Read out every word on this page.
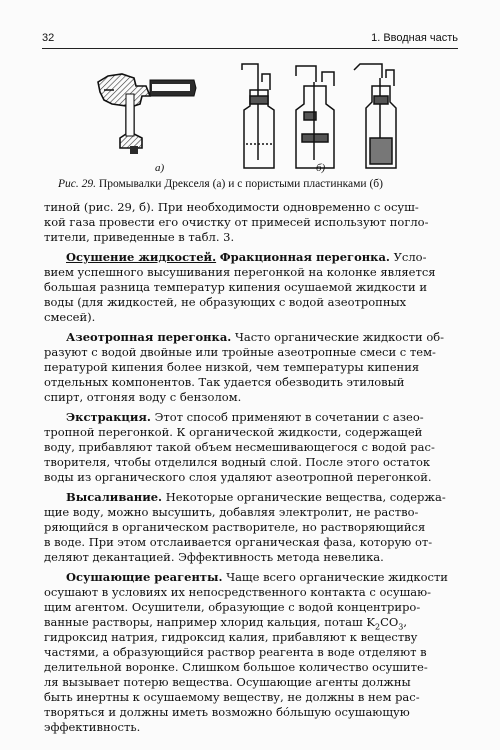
32	1. Вводная часть
а)	б)
Рис. 29. Промывалки Дрекселя (а) и с пористыми пластинками (б)
тиной (рис. 29, б). При необходимости одновременно с осуш-
кой газа провести его очистку от примесей используют погло-
тители, приведенные в табл. 3.
Осушение жидкостей. Фракционная перегонка. Усло-
вием успешного высушивания перегонкой на колонке является
большая разница температур кипения осушаемой жидкости и
воды (для жидкостей, не образующих с водой азеотропных
смесей).
Азеотропная перегонка. Часто органические жидкости об-
разуют с водой двойные или тройные азеотропные смеси с тем-
пературой кипения более низкой, чем температуры кипения
отдельных компонентов. Так удается обезводить этиловый
спирт, отгоняя воду с бензолом.
Экстракция. Этот способ применяют в сочетании с азео-
тропной перегонкой. К органической жидкости, содержащей
воду, прибавляют такой объем несмешивающегося с водой рас-
творителя, чтобы отделился водный слой. После этого остаток
воды из органического слоя удаляют азеотропной перегонкой.
Высаливание. Некоторые органические вещества, содержа-
щие воду, можно высушить, добавляя электролит, не раство-
ряющийся в органическом растворителе, но растворяющийся
в воде. При этом отслаивается органическая фаза, которую от-
деляют декантацией. Эффективность метода невелика.
Осушающие реагенты. Чаще всего органические жидкости
осушают в условиях их непосредственного контакта с осушаю-
щим агентом. Осушители, образующие с водой концентриро-
ванные растворы, например хлорид кальция, поташ $K_2CO_3$,
гидроксид натрия, гидроксид калия, прибавляют к веществу
частями, а образующийся раствор реагента в воде отделяют в
делительной воронке. Слишком большое количество осушите-
ля вызывает потерю вещества. Осушающие агенты должны
быть инертны к осушаемому веществу, не должны в нем рас-
творяться и должны иметь возможно бо́льшую осушающую
эффективность.
